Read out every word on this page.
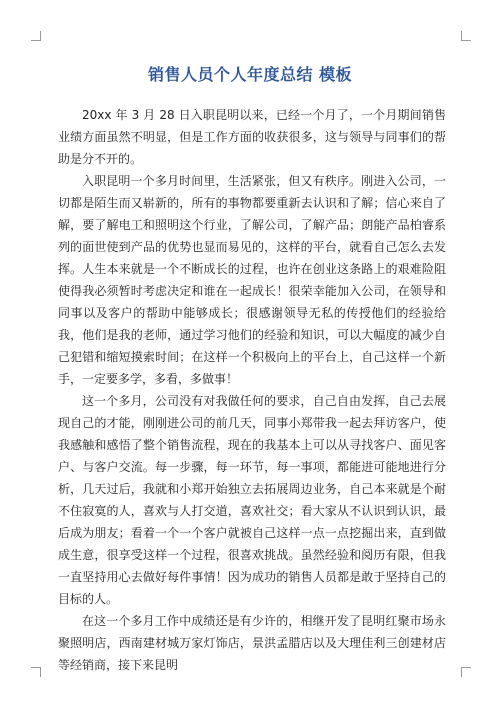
销售人员个人年度总结 模板

20xx 年 3 月 28 日入职昆明以来，已经一个月了，一个月期间销售业绩方面虽然不明显，但是工作方面的收获很多，这与领导与同事们的帮助是分不开的。

入职昆明一个多月时间里，生活紧张，但又有秩序。刚进入公司，一切都是陌生而又崭新的，所有的事物都要重新去认识和了解；信心来自了解，要了解电工和照明这个行业，了解公司，了解产品；朗能产品柏睿系列的面世使到产品的优势也显而易见的，这样的平台，就看自己怎么去发挥。人生本来就是一个不断成长的过程，也许在创业这条路上的艰难险阻使得我必须暂时考虑决定和谁在一起成长！很荣幸能加入公司，在领导和同事以及客户的帮助中能够成长；很感谢领导无私的传授他们的经验给我，他们是我的老师，通过学习他们的经验和知识，可以大幅度的减少自己犯错和缩短摸索时间；在这样一个积极向上的平台上，自己这样一个新手，一定要多学，多看，多做事！

这一个多月，公司没有对我做任何的要求，自己自由发挥，自己去展现自己的才能，刚刚进公司的前几天，同事小郑带我一起去拜访客户，使我感触和感悟了整个销售流程，现在的我基本上可以从寻找客户、面见客户、与客户交流。每一步骤，每一环节，每一事项，都能进可能地进行分析，几天过后，我就和小郑开始独立去拓展周边业务，自己本来就是个耐不住寂寞的人，喜欢与人打交道，喜欢社交；看大家从不认识到认识，最后成为朋友；看着一个一个客户就被自己这样一点一点挖掘出来，直到做成生意，很享受这样一个过程，很喜欢挑战。虽然经验和阅历有限，但我一直坚持用心去做好每件事情！因为成功的销售人员都是敢于坚持自己的目标的人。

在这一个多月工作中成绩还是有少许的，相继开发了昆明红聚市场永聚照明店，西南建材城万家灯饰店，景洪孟腊店以及大理佳利三创建材店等经销商，接下来昆明
